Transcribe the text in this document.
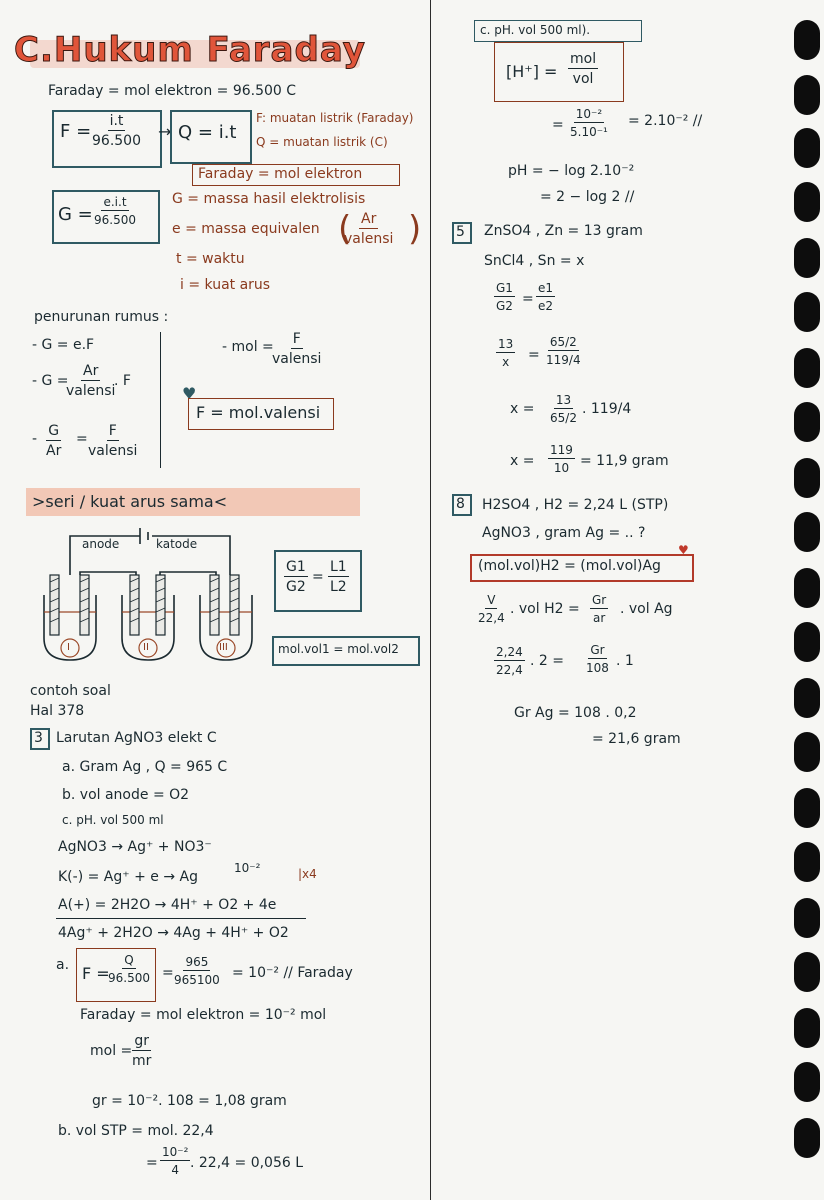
C.Hukum Faraday
Faraday = mol elektron = 96.500 C
$F = \frac{i.t}{96.500} \to Q = i.t$
F: muatan listrik (Faraday)
Q = muatan listrik (C)
Faraday = mol elektron
$G = \frac{e.i.t}{96.500}$	G = massa hasil elektrolisis
e = massa equivalen ( Ar
valensi )
t = waktu
i = kuat arus
penurunan rumus :
- G = e.F
- G =
Ar
valensi
. F
- $\frac{G}{Ar} = F$
valensi
- mol = F
valensi
♥
F = mol.valensi
>seri / kuat arus sama<
anode	katode
I	II	III
$\frac{G1}{G2} = \frac{L1}{L2}$
mol.vol1 = mol.vol2
contoh soal
Hal 378
3 Larutan AgNO3 elekt C
a. Gram Ag , Q = 965 C
b. vol anode = O2
c. pH. vol 500 ml
AgNO3 → Ag⁺ + NO3⁻
K(-) = Ag⁺ + e → Ag
10⁻²	|x4
A(+) = 2H2O → 4H⁺ + O2 + 4e
4Ag⁺ + 2H2O → 4Ag + 4H⁺ + O2
a. F =
$\frac{Q}{96.500} = \frac{965}{965100} = 10^{-2}$ // Faraday
Faraday = mol elektron = 10⁻² mol
mol = $\frac{gr}{mr}$
gr = 10⁻². 108 = 1,08 gram
b. vol STP = mol. 22,4
= $\frac{\text{10⁻²}}{4}$ . 22,4 = 0,056 L
c. pH. vol 500 ml).
[H⁺] =
mol
vol
= $\frac{\text{10⁻²}}{\text{5.10⁻¹}} = 2.10^{-2}$ //
pH = − log 2.10⁻²
= 2 − log 2 //
5 ZnSO4 , Zn = 13 gram
SnCl4 , Sn = x
$\frac{G1}{G2} = \frac{e1}{e2}$
$\frac{13}{x} = \frac{65/2}{119/4}$
$x = \frac{13}{65/2}$ . 119/4
$x = \frac{119}{10} = 11,9$ gram
8 H2SO4 , H2 = 2,24 L (STP)
AgNO3 , gram Ag = .. ?
(mol.vol)H2 = (mol.vol)Ag
♥
$\frac{V}{22,4}$ . vol $H2 = \frac{Gr}{ar}$ . vol Ag
$\frac{2,24}{22,4}$ . $2 = \frac{Gr}{108}$ . 1
Gr Ag = 108 . 0,2
= 21,6 gram
